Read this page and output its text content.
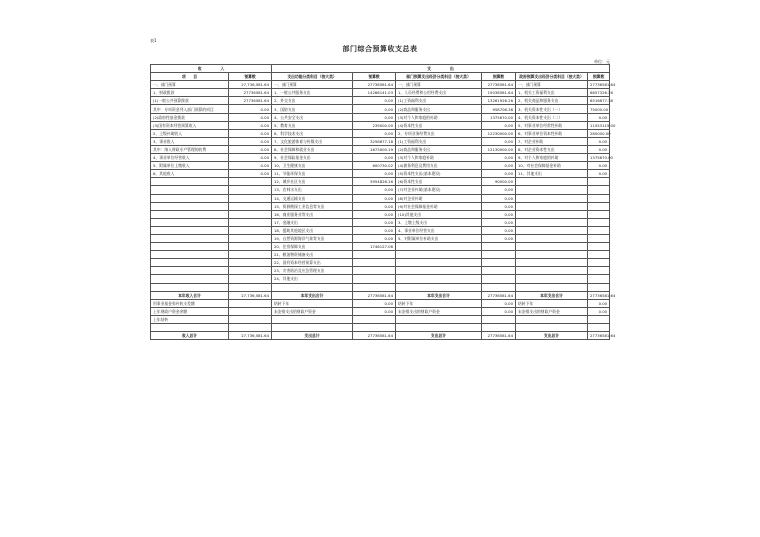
表1
部门综合预算收支总表
单位：元
收　　　　　入		支　　　　　出					
项　　目	预算数	支出功能分类科目（按大类）	预算数	部门预算支出经济分类科目（按大类）	预算数	政府预算支出经济分类科目（按大类）	预算数
一、部门预算	27,736,581.64	一、部门预算	27736581.64	一、部门预算	27736581.64	一、部门预算	27736581.64
1、财政拨款	27736581.64	1、一般公共服务支出	14266141.03	1、人员经费和公用经费支出	15036581.64	1、机关工资福利支出	6657326.26
(1)一般公共预算拨款	27736581.64	2、外交支出	0.00	(1)工资福利支出	13261926.26	2、机关商品和服务支出	8516877.38
其中：专项资金列入部门预算的项目	0.00	3、国防支出	0.00	(2)商品和服务支出	958706.38	3、机关资本性支出（一）	75000.00
(2)政府性基金拨款	0.00	4、公共安全支出	0.00	(3)对个人和家庭的补助	1375670.00	4、机关资本性支出（二）	0.00
(3)国有资本经营预算收入	0.00	5、教育支出	239000.00	(4)资本性支出	0.00	5、对事业单位经常性补助	11553119.00
2、上级补助收入	0.00	6、科学技术支出	0.00	2、专项业务经费支出	12230000.00	6、对事业单位资本性补助	280000.00
3、事业收入	0.00	7、文化旅游体育与传媒支出	3256877.18	(1)工资福利支出	0.00	7、对企业补助	0.00
其中：纳入财政专户管理的收费	0.00	8、社会保障和就业支出	1673000.19	(2)商品和服务支出	12130000.00	8、对企业资本性支出	0.00
4、事业单位经营收入	0.00	9、社会保险基金支出	0.00	(3)对个人和家庭补助	0.00	9、对个人和家庭的补助	1375670.00
5、附属单位上缴收入	0.00	10、卫生健康支出	600730.02	(4)债务利息及费用支出	0.00	10、对社会保障基金补助	0.00
6、其他收入	0.00	11、节能环保支出	0.00	(5)资本性支出(基本建设)	0.00	11、其他支出	0.00
		12、城乡社区支出	5954826.16	(6)资本性支出	90000.00		
		13、农林水支出	0.00	(7)对企业补助(基本建设)	0.00		
		14、交通运输支出	0.00	(8)对企业补助	0.00		
		15、资源勘探工业信息等支出	0.00	(9)对社会保障基金补助	0.00		
		16、商业服务业等支出	0.00	(10)其他支出	0.00		
		17、金融支出	0.00	3、上缴上级支出	0.00		
		18、援助其他地区支出	0.00	4、事业单位经营支出	0.00		
		19、自然资源海洋气象等支出	0.00	5、对附属单位补助支出	0.00		
		20、住房保障支出	1746127.06				
		21、粮油物资储备支出					
		22、国有资本经营预算支出					
		23、灾害防治及应急管理支出					
		24、其他支出					

本年收入合计	27,736,581.64	本年支出合计	27736581.64	本年支出合计	27736581.64	本年支出合计	27736581.64
用事业基金弥补收支差额		结转下年	0.00	结转下年	0.00	结转下年	0.00
上年财政户资金余额		未安排支出的财政户资金	0.00	未安排支出的财政户资金	0.00	未安排支出的财政户资金	0.00
上年结转							

收入总计	27,736,581.64	支出总计	27736581.64	支出总计	27736581.64	支出总计	27736581.64
